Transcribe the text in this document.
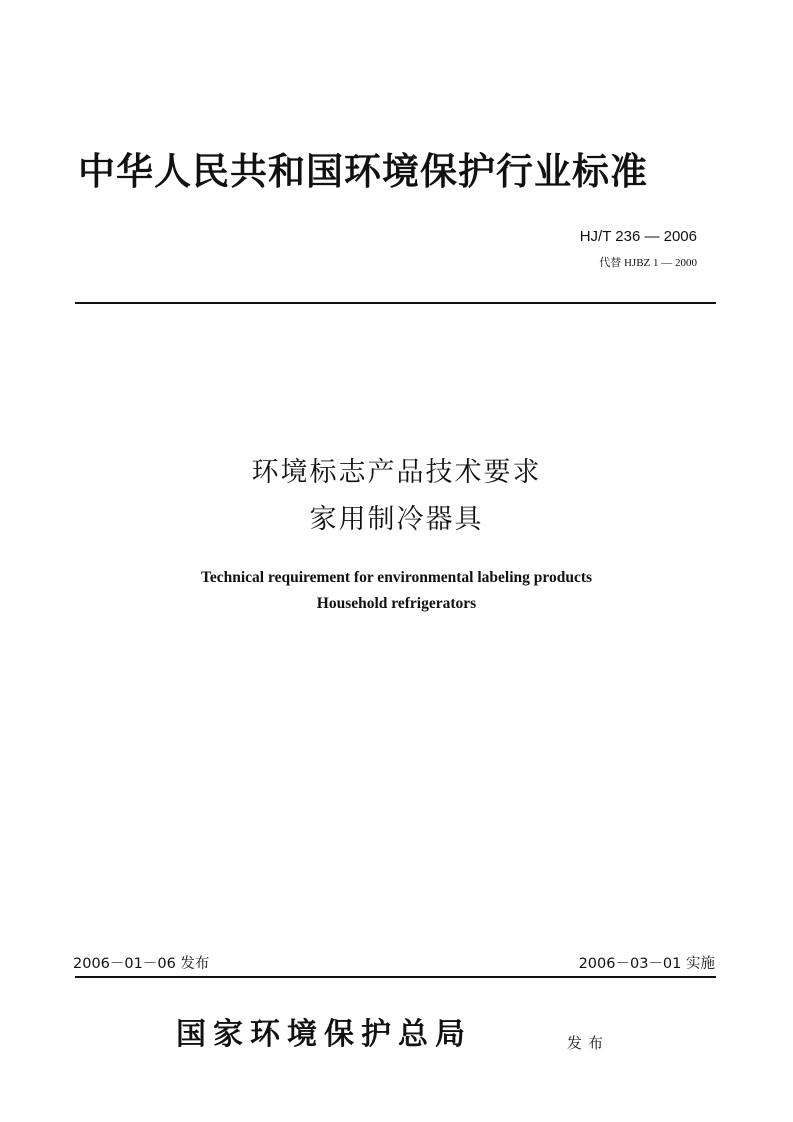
中华人民共和国环境保护行业标准
HJ/T 236 — 2006
代替 HJBZ 1 — 2000
环境标志产品技术要求
家用制冷器具
Technical requirement for environmental labeling products
Household refrigerators
2006－01－06 发布	2006－03－01 实施
国家环境保护总局	发布
